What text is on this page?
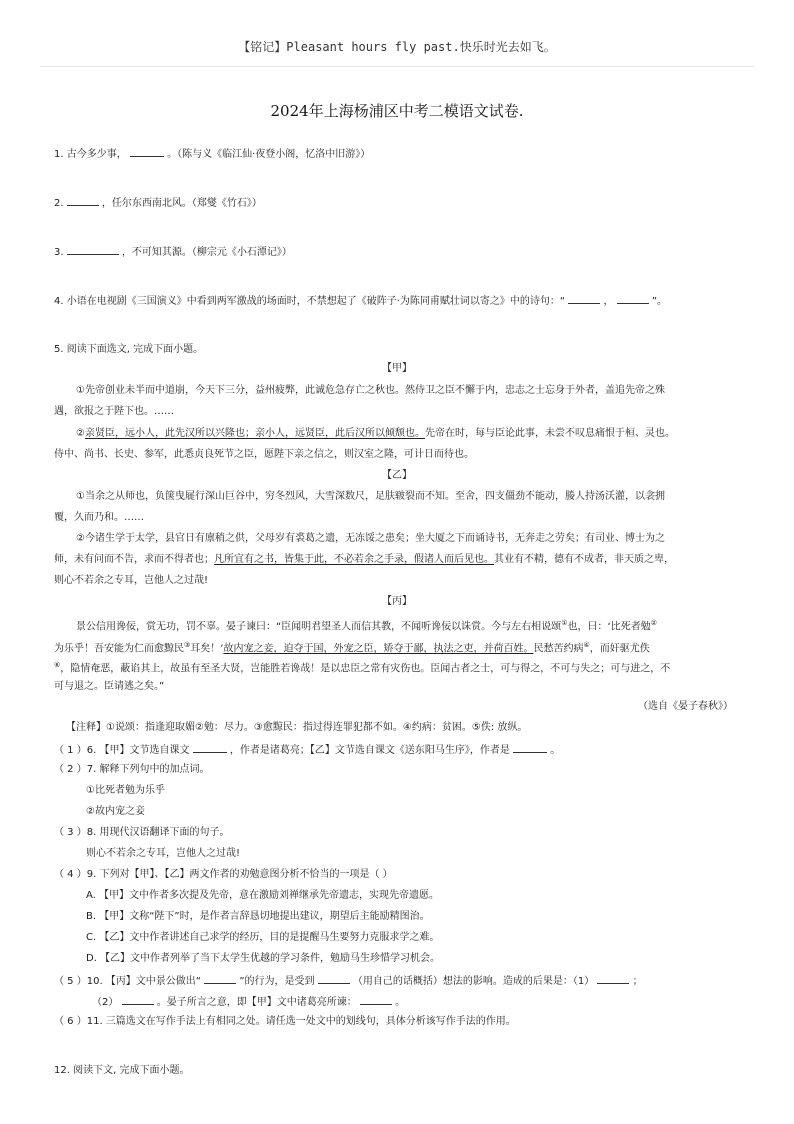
【铭记】Pleasant hours fly past.快乐时光去如飞。
2024年上海杨浦区中考二模语文试卷.
1. 古今多少事，	。（陈与义《临江仙·夜登小阁，忆洛中旧游》）
2.	，任尔东西南北风。（郑燮《竹石》）
3.	，不可知其源。（柳宗元《小石潭记》）
4. 小语在电视剧《三国演义》中看到两军激战的场面时，不禁想起了《破阵子·为陈同甫赋壮词以寄之》中的诗句：“	，	”。
5. 阅读下面选文, 完成下面小题。
【甲】
①先帝创业未半而中道崩，今天下三分，益州疲弊，此诚危急存亡之秋也。然侍卫之臣不懈于内，忠志之士忘身于外者，盖追先帝之殊
遇，欲报之于陛下也。……
②亲贤臣，远小人，此先汉所以兴隆也；亲小人，远贤臣，此后汉所以倾颓也。先帝在时，每与臣论此事，未尝不叹息痛恨于桓、灵也。
侍中、尚书、长史、参军，此悉贞良死节之臣，愿陛下亲之信之，则汉室之隆，可计日而待也。
【乙】
①当余之从师也，负箧曳屣行深山巨谷中，穷冬烈风，大雪深数尺，足肤皲裂而不知。至舍，四支僵劲不能动，媵人持汤沃灌，以衾拥
覆，久而乃和。……
②今诸生学于太学，县官日有廪稍之供，父母岁有裘葛之遗，无冻馁之患矣；坐大厦之下而诵诗书，无奔走之劳矣；有司业、博士为之
师，未有问而不告，求而不得者也；凡所宜有之书，皆集于此，不必若余之手录，假诸人而后见也。其业有不精，德有不成者，非天质之卑，
则心不若余之专耳，岂他人之过哉!
【丙】
景公信用谗佞，赏无功，罚不辜。晏子谏曰：“臣闻明君望圣人而信其教，不闻听谗佞以诛赏。今与左右相说颂①也，曰：‘比死者勉②
为乐乎！吾安能为仁而愈黥民③耳矣！’故内宠之妾，迫夺于国，外宠之臣，矫夺于鄙，执法之吏，并荷百姓。民愁苦约病④，而奸驱尤佚
⑥，隐情奄恶，蔽谄其上，故虽有至圣大贤，岂能胜若谗哉！是以忠臣之常有灾伤也。臣闻古者之士，可与得之，不可与失之；可与进之，不
可与退之。臣请逃之矣。”
（选自《晏子春秋》）
【注释】①说颂：指逢迎取媚②勉：尽力。③愈黥民：指过得连罪犯都不如。④约病：贫困。⑤佚: 放纵。
（ 1 ）6. 【甲】文节选自课文	，作者是诸葛亮；【乙】文节选自课文《送东阳马生序》，作者是	。
（ 2 ）7. 解释下列句中的加点词。
①比死者勉为乐乎
②故内宠之妾
（ 3 ）8. 用现代汉语翻译下面的句子。
则心不若余之专耳，岂他人之过哉!
（ 4 ）9. 下列对【甲】、【乙】两文作者的劝勉意图分析不恰当的一项是（ ）
A. 【甲】文中作者多次提及先帝，意在激励刘禅继承先帝遗志，实现先帝遗愿。
B. 【甲】文称“陛下”时，是作者言辞恳切地提出建议，期望后主能励精图治。
C. 【乙】文中作者讲述自己求学的经历，目的是提醒马生要努力克服求学之难。
D. 【乙】文中作者列举了当下太学生优越的学习条件，勉励马生珍惜学习机会。
（ 5 ）10. 【丙】文中景公做出“	”的行为，是受到	（用自己的话概括）想法的影响。造成的后果是：（1）	；
（2）	。晏子所言之意，即【甲】文中诸葛亮所谏：	。
（ 6 ）11. 三篇选文在写作手法上有相同之处。请任选一处文中的划线句，具体分析该写作手法的作用。
12. 阅读下文, 完成下面小题。
